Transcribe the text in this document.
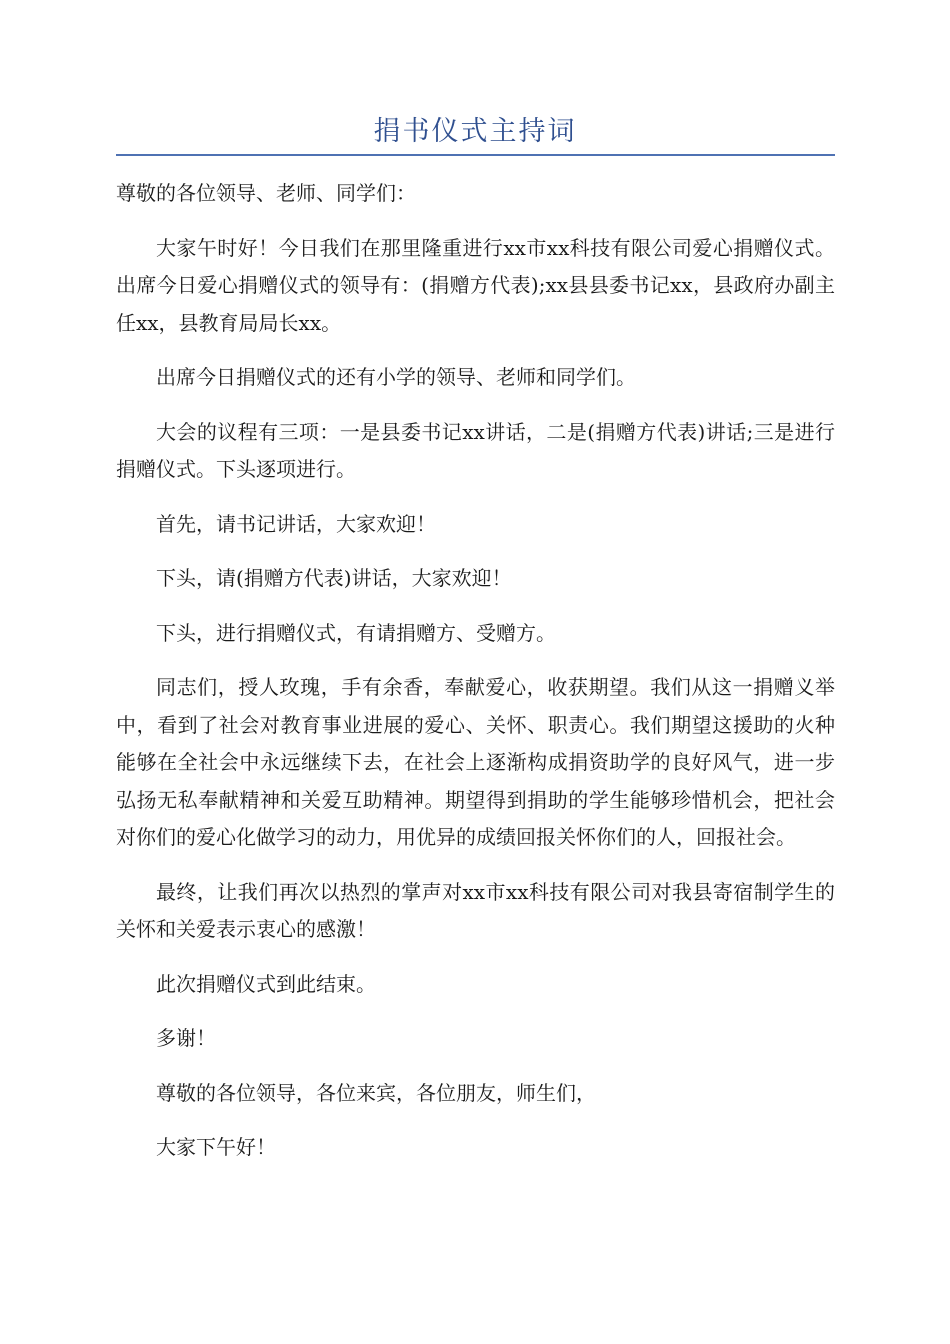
捐书仪式主持词

尊敬的各位领导、老师、同学们：

大家午时好！今日我们在那里隆重进行xx市xx科技有限公司爱心捐赠仪式。出席今日爱心捐赠仪式的领导有：(捐赠方代表);xx县县委书记xx，县政府办副主任xx，县教育局局长xx。

出席今日捐赠仪式的还有小学的领导、老师和同学们。

大会的议程有三项：一是县委书记xx讲话，二是(捐赠方代表)讲话;三是进行捐赠仪式。下头逐项进行。

首先，请书记讲话，大家欢迎！

下头，请(捐赠方代表)讲话，大家欢迎！

下头，进行捐赠仪式，有请捐赠方、受赠方。

同志们，授人玫瑰，手有余香，奉献爱心，收获期望。我们从这一捐赠义举中，看到了社会对教育事业进展的爱心、关怀、职责心。我们期望这援助的火种能够在全社会中永远继续下去，在社会上逐渐构成捐资助学的良好风气，进一步弘扬无私奉献精神和关爱互助精神。期望得到捐助的学生能够珍惜机会，把社会对你们的爱心化做学习的动力，用优异的成绩回报关怀你们的人，回报社会。

最终，让我们再次以热烈的掌声对xx市xx科技有限公司对我县寄宿制学生的关怀和关爱表示衷心的感激！

此次捐赠仪式到此结束。

多谢！

尊敬的各位领导，各位来宾，各位朋友，师生们，

大家下午好！
